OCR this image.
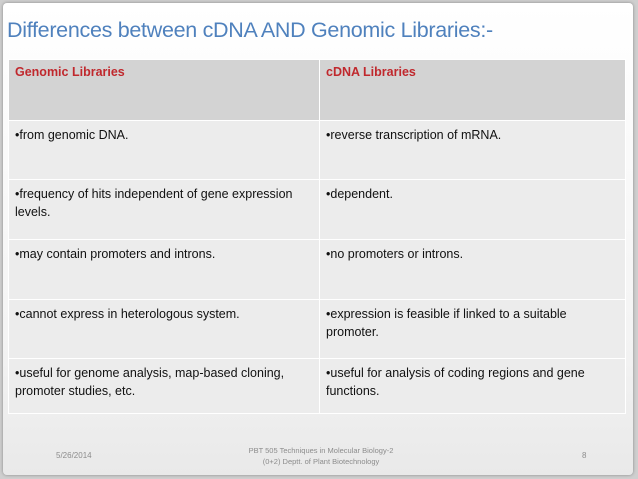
Differences between cDNA AND Genomic Libraries:-
Genomic Libraries	cDNA Libraries
•from genomic DNA.	•reverse transcription of mRNA.
•frequency of hits independent of gene expression levels.	•dependent.
•may contain promoters and introns.	•no promoters or introns.
•cannot express in heterologous system.	•expression is feasible if linked to a suitable promoter.
•useful for genome analysis, map-based cloning, promoter studies, etc.	•useful for analysis of coding regions and gene functions.
5/26/2014
PBT 505 Techniques in Molecular Biology-2
(0+2) Deptt. of Plant Biotechnology
8
